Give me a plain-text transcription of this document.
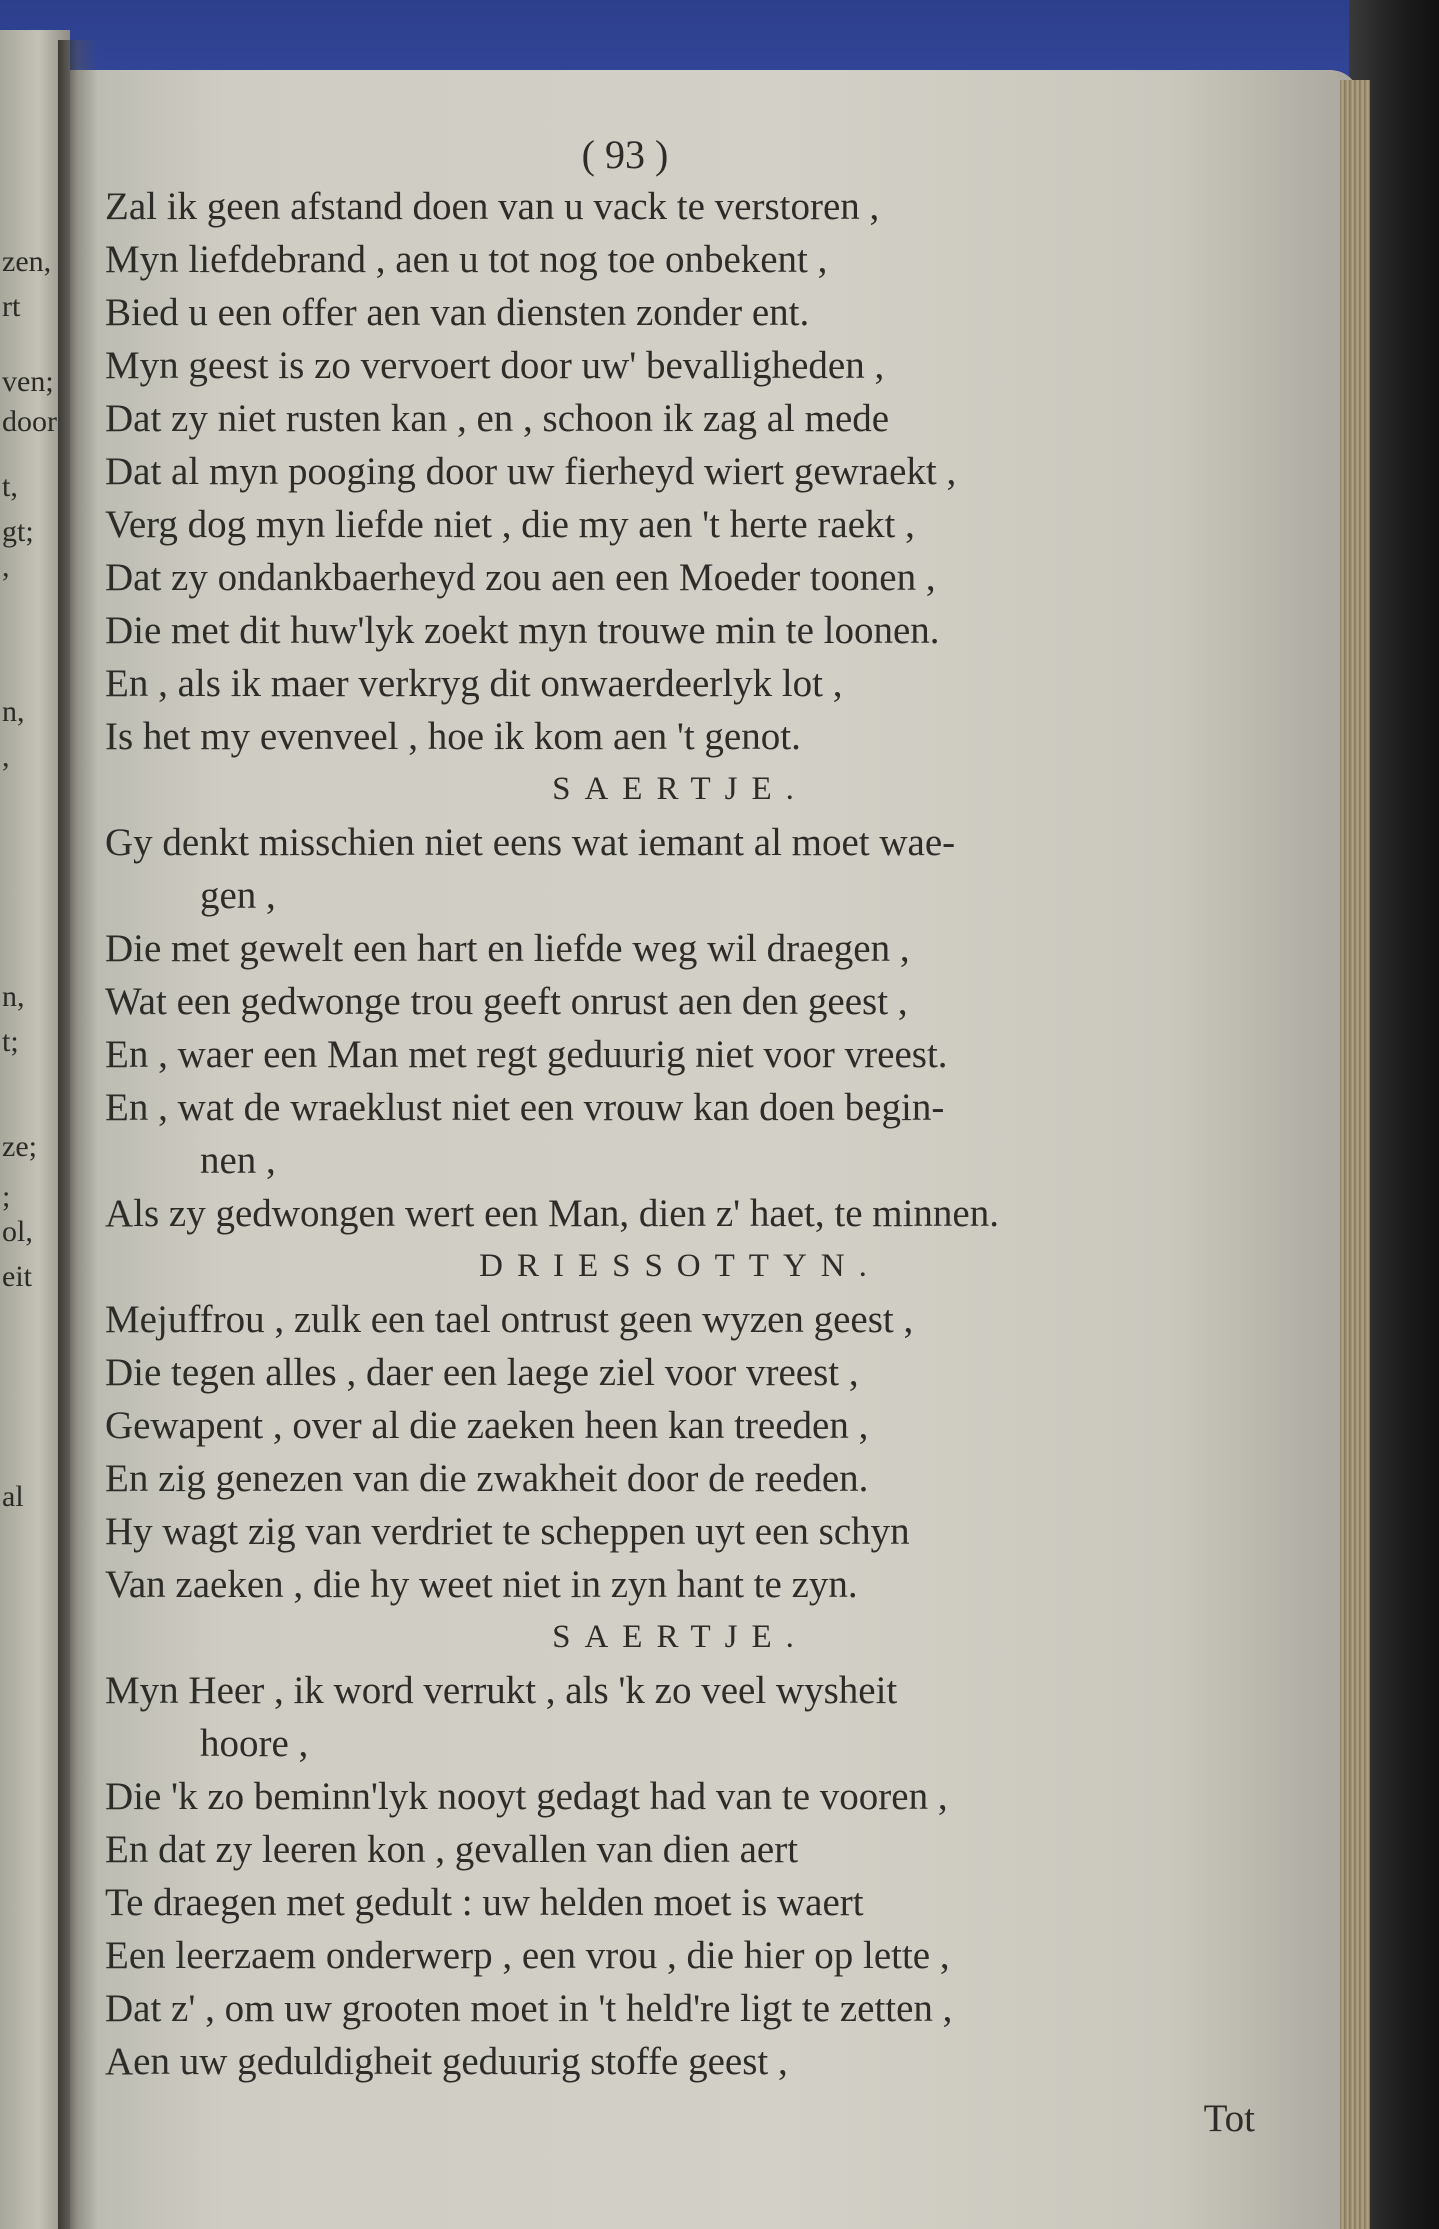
zen,
rt
ven;
door
t,
gt;
,
n,
,
n,
t;
ze;
;
ol,
eit
al
( 93 )
Zal ik geen afstand doen van u vack te verstoren ,
Myn liefdebrand , aen u tot nog toe onbekent ,
Bied u een offer aen van diensten zonder ent.
Myn geest is zo vervoert door uw' bevalligheden ,
Dat zy niet rusten kan , en , schoon ik zag al mede
Dat al myn pooging door uw fierheyd wiert gewraekt ,
Verg dog myn liefde niet , die my aen 't herte raekt ,
Dat zy ondankbaerheyd zou aen een Moeder toonen ,
Die met dit huw'lyk zoekt myn trouwe min te loonen.
En , als ik maer verkryg dit onwaerdeerlyk lot ,
Is het my evenveel , hoe ik kom aen 't genot.
SAERTJE.
Gy denkt misschien niet eens wat iemant al moet wae-
gen ,
Die met gewelt een hart en liefde weg wil draegen ,
Wat een gedwonge trou geeft onrust aen den geest ,
En , waer een Man met regt geduurig niet voor vreest.
En , wat de wraeklust niet een vrouw kan doen begin-
nen ,
Als zy gedwongen wert een Man, dien z' haet, te minnen.
DRIESSOTTYN.
Mejuffrou , zulk een tael ontrust geen wyzen geest ,
Die tegen alles , daer een laege ziel voor vreest ,
Gewapent , over al die zaeken heen kan treeden ,
En zig genezen van die zwakheit door de reeden.
Hy wagt zig van verdriet te scheppen uyt een schyn
Van zaeken , die hy weet niet in zyn hant te zyn.
SAERTJE.
Myn Heer , ik word verrukt , als 'k zo veel wysheit
hoore ,
Die 'k zo beminn'lyk nooyt gedagt had van te vooren ,
En dat zy leeren kon , gevallen van dien aert
Te draegen met gedult : uw helden moet is waert
Een leerzaem onderwerp , een vrou , die hier op lette ,
Dat z' , om uw grooten moet in 't held're ligt te zetten ,
Aen uw geduldigheit geduurig stoffe geest ,
Tot
